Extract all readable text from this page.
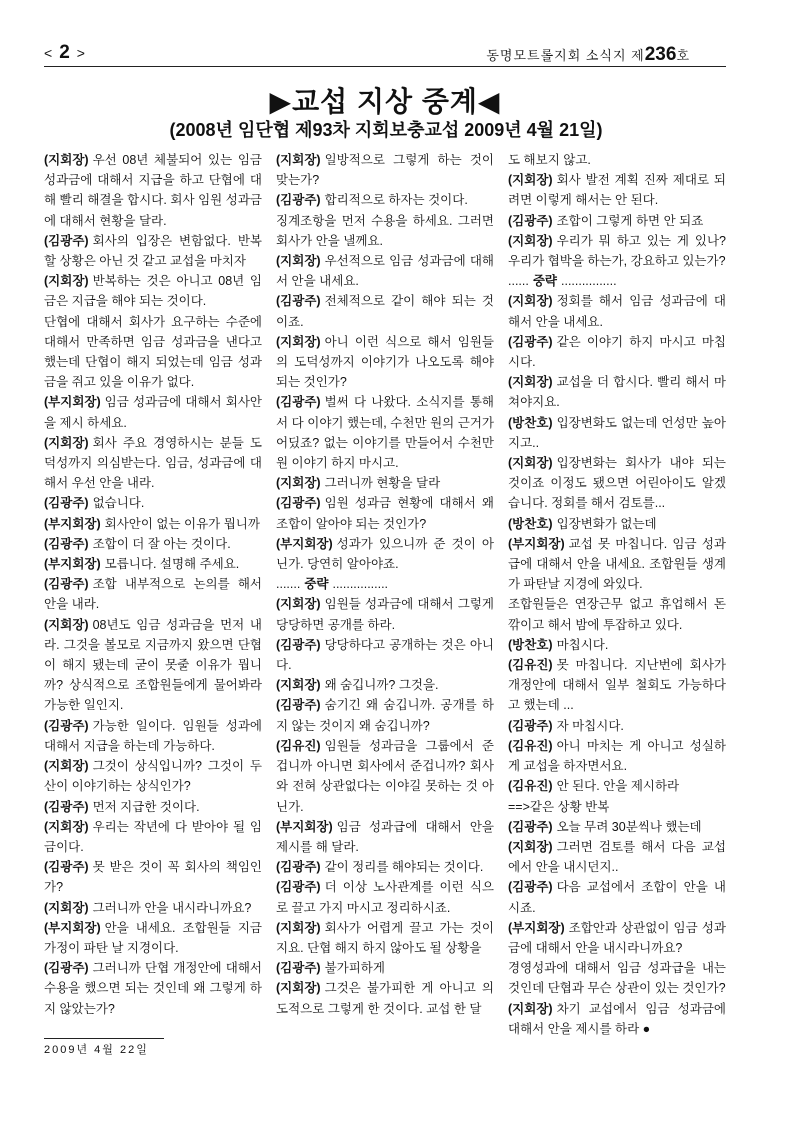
< 2 >	동명모트롤지회 소식지 제236호
▶교섭 지상 중계◀
(2008년 임단협 제93차 지회보충교섭 2009년 4월 21일)

(지회장) 우선 08년 체불되어 있는 임금 성과금에 대해서 지급을 하고 단협에 대해 빨리 해결을 합시다. 회사 임원 성과금에 대해서 현황을 달라.

(김광주) 회사의 입장은 변함없다. 반복할 상황은 아닌 것 같고 교섭을 마치자

(지회장) 반복하는 것은 아니고 08년 임금은 지급을 해야 되는 것이다.

단협에 대해서 회사가 요구하는 수준에 대해서 만족하면 임금 성과금을 낸다고 했는데 단협이 해지 되었는데 임금 성과금을 쥐고 있을 이유가 없다.

(부지회장) 임금 성과금에 대해서 회사안을 제시 하세요.

(지회장) 회사 주요 경영하시는 분들 도덕성까지 의심받는다. 임금, 성과금에 대해서 우선 안을 내라.

(김광주) 없습니다.

(부지회장) 회사안이 없는 이유가 뭡니까

(김광주) 조합이 더 잘 아는 것이다.

(부지회장) 모릅니다. 설명해 주세요.

(김광주) 조합 내부적으로 논의를 해서 안을 내라.

(지회장) 08년도 임금 성과금을 먼저 내라. 그것을 볼모로 지금까지 왔으면 단협이 해지 됐는데 굳이 못줄 이유가 뭡니까? 상식적으로 조합원들에게 물어봐라 가능한 일인지.

(김광주) 가능한 일이다. 임원들 성과에 대해서 지급을 하는데 가능하다.

(지회장) 그것이 상식입니까? 그것이 두산이 이야기하는 상식인가?

(김광주) 먼저 지급한 것이다.

(지회장) 우리는 작년에 다 받아야 될 임금이다.

(김광주) 못 받은 것이 꼭 회사의 책임인가?

(지회장) 그러니까 안을 내시라니까요?

(부지회장) 안을 내세요. 조합원들 지금 가정이 파탄 날 지경이다.

(김광주) 그러니까 단협 개정안에 대해서 수용을 했으면 되는 것인데 왜 그렇게 하지 않았는가?

(지회장) 일방적으로 그렇게 하는 것이 맞는가?

(김광주) 합리적으로 하자는 것이다.

징계조항을 먼저 수용을 하세요. 그러면 회사가 안을 낼께요.

(지회장) 우선적으로 임금 성과금에 대해서 안을 내세요.

(김광주) 전체적으로 같이 해야 되는 것이죠.

(지회장) 아니 이런 식으로 해서 임원들의 도덕성까지 이야기가 나오도록 해야 되는 것인가?

(김광주) 벌써 다 나왔다. 소식지를 통해서 다 이야기 했는데, 수천만 원의 근거가 어딨죠? 없는 이야기를 만들어서 수천만 원 이야기 하지 마시고.

(지회장) 그러니까 현황을 달라

(김광주) 임원 성과금 현황에 대해서 왜 조합이 알아야 되는 것인가?

(부지회장) 성과가 있으니까 준 것이 아닌가. 당연히 알아야죠.

....... 중략 ................

(지회장) 임원들 성과금에 대해서 그렇게 당당하면 공개를 하라.

(김광주) 당당하다고 공개하는 것은 아니다.

(지회장) 왜 숨깁니까? 그것을.

(김광주) 숨기긴 왜 숨깁니까. 공개를 하지 않는 것이지 왜 숨깁니까?

(김유진) 임원들 성과금을 그룹에서 준 겁니까 아니면 회사에서 준겁니까? 회사와 전혀 상관없다는 이야길 못하는 것 아닌가.

(부지회장) 임금 성과급에 대해서 안을 제시를 해 달라.

(김광주) 같이 정리를 해야되는 것이다.

(김광주) 더 이상 노사관계를 이런 식으로 끌고 가지 마시고 정리하시죠.

(지회장) 회사가 어렵게 끌고 가는 것이지요. 단협 해지 하지 않아도 될 상황을

(김광주) 불가피하게

(지회장) 그것은 불가피한 게 아니고 의도적으로 그렇게 한 것이다. 교섭 한 달

도 해보지 않고.

(지회장) 회사 발전 계획 진짜 제대로 되려면 이렇게 해서는 안 된다.

(김광주) 조합이 그렇게 하면 안 되죠

(지회장) 우리가 뭐 하고 있는 게 있나? 우리가 협박을 하는가, 강요하고 있는가?

...... 중략 ................

(지회장) 정회를 해서 임금 성과금에 대해서 안을 내세요.

(김광주) 같은 이야기 하지 마시고 마칩시다.

(지회장) 교섭을 더 합시다. 빨리 해서 마쳐야지요.

(방찬호) 입장변화도 없는데 언성만 높아지고..

(지회장) 입장변화는 회사가 내야 되는 것이죠 이정도 됐으면 어린아이도 알겠습니다. 정회를 해서 검토를...

(방찬호) 입장변화가 없는데

(부지회장) 교섭 못 마칩니다. 임금 성과급에 대해서 안을 내세요. 조합원들 생계가 파탄날 지경에 와있다.

조합원들은 연장근무 없고 휴업해서 돈 깎이고 해서 밤에 투잡하고 있다.

(방찬호) 마칩시다.

(김유진) 못 마칩니다. 지난번에 회사가 개정안에 대해서 일부 철회도 가능하다고 했는데 ...

(김광주) 자 마칩시다.

(김유진) 아니 마치는 게 아니고 성실하게 교섭을 하자면서요.

(김유진) 안 된다. 안을 제시하라

==>같은 상황 반복

(김광주) 오늘 무려 30분씩나 했는데

(지회장) 그러면 검토를 해서 다음 교섭에서 안을 내시던지..

(김광주) 다음 교섭에서 조합이 안을 내시죠.

(부지회장) 조합안과 상관없이 임금 성과금에 대해서 안을 내시라니까요?

경영성과에 대해서 임금 성과급을 내는 것인데 단협과 무슨 상관이 있는 것인가?

(지회장) 차기 교섭에서 임금 성과금에 대해서 안을 제시를 하라 ●

2009년 4월 22일
